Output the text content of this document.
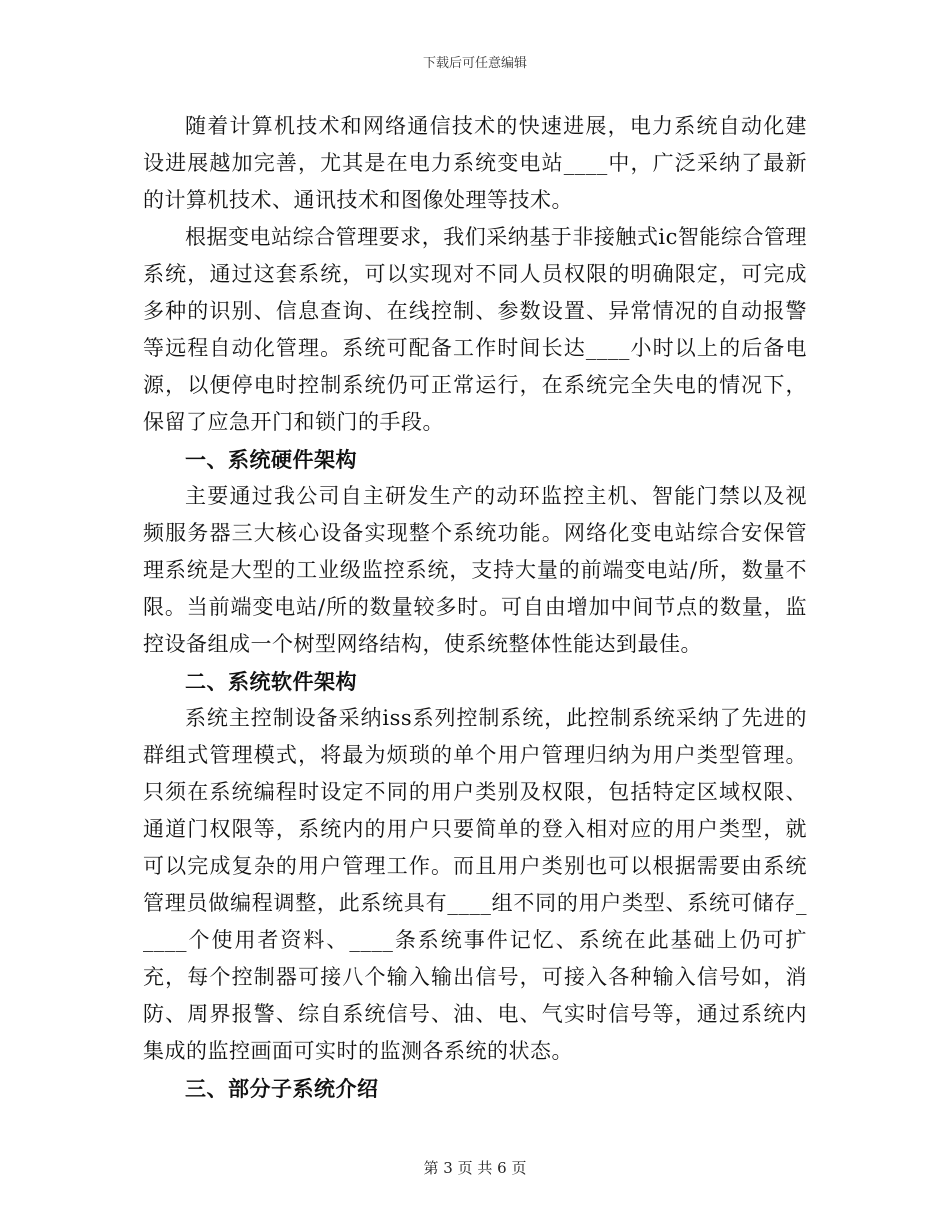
下载后可任意编辑

随着计算机技术和网络通信技术的快速进展，电力系统自动化建设进展越加完善，尤其是在电力系统变电站____中，广泛采纳了最新的计算机技术、通讯技术和图像处理等技术。

根据变电站综合管理要求，我们采纳基于非接触式ic智能综合管理系统，通过这套系统，可以实现对不同人员权限的明确限定，可完成多种的识别、信息查询、在线控制、参数设置、异常情况的自动报警等远程自动化管理。系统可配备工作时间长达____小时以上的后备电源，以便停电时控制系统仍可正常运行，在系统完全失电的情况下，保留了应急开门和锁门的手段。

一、系统硬件架构

主要通过我公司自主研发生产的动环监控主机、智能门禁以及视频服务器三大核心设备实现整个系统功能。网络化变电站综合安保管理系统是大型的工业级监控系统，支持大量的前端变电站/所，数量不限。当前端变电站/所的数量较多时。可自由增加中间节点的数量，监控设备组成一个树型网络结构，使系统整体性能达到最佳。

二、系统软件架构

系统主控制设备采纳iss系列控制系统，此控制系统采纳了先进的群组式管理模式，将最为烦琐的单个用户管理归纳为用户类型管理。只须在系统编程时设定不同的用户类别及权限，包括特定区域权限、通道门权限等，系统内的用户只要简单的登入相对应的用户类型，就可以完成复杂的用户管理工作。而且用户类别也可以根据需要由系统管理员做编程调整，此系统具有____组不同的用户类型、系统可储存_____个使用者资料、____条系统事件记忆、系统在此基础上仍可扩充，每个控制器可接八个输入输出信号，可接入各种输入信号如，消防、周界报警、综自系统信号、油、电、气实时信号等，通过系统内集成的监控画面可实时的监测各系统的状态。

三、部分子系统介绍

第 3 页 共 6 页
